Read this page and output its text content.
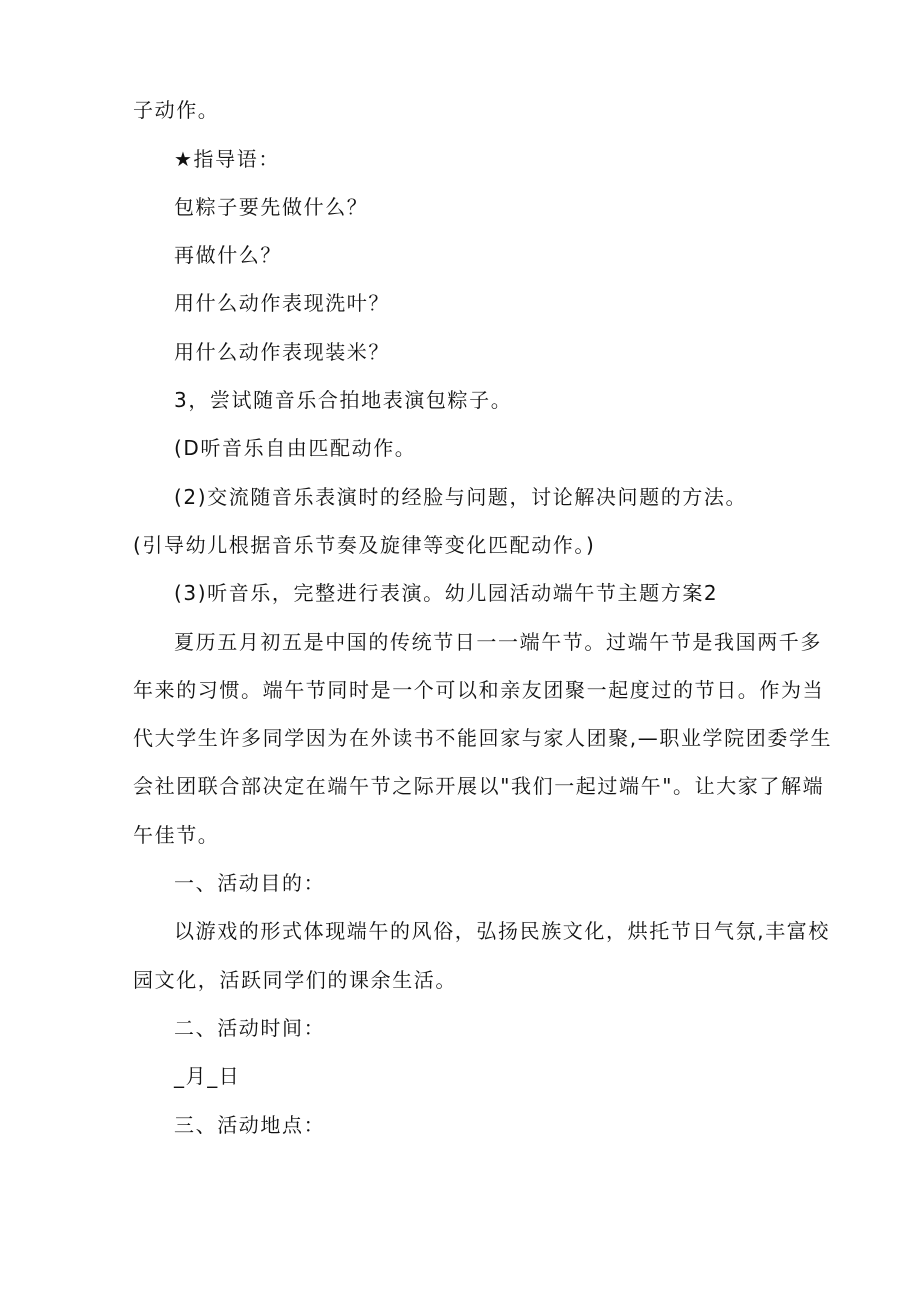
子动作。
★指导语：
包粽子要先做什么？
再做什么？
用什么动作表现洗叶？
用什么动作表现装米？
3，尝试随音乐合拍地表演包粽子。
(D听音乐自由匹配动作。
(2)交流随音乐表演时的经脸与问题，讨论解决问题的方法。
(引导幼儿根据音乐节奏及旋律等变化匹配动作。)
(3)听音乐，完整进行表演。幼儿园活动端午节主题方案2
夏历五月初五是中国的传统节日一一端午节。过端午节是我国两千多
年来的习惯。端午节同时是一个可以和亲友团聚一起度过的节日。作为当
代大学生许多同学因为在外读书不能回家与家人团聚,—职业学院团委学生
会社团联合部决定在端午节之际开展以"我们一起过端午"。让大家了解端
午佳节。
一、活动目的：
以游戏的形式体现端午的风俗，弘扬民族文化，烘托节日气氛,丰富校
园文化，活跃同学们的课余生活。
二、活动时间：
_月_日
三、活动地点：
